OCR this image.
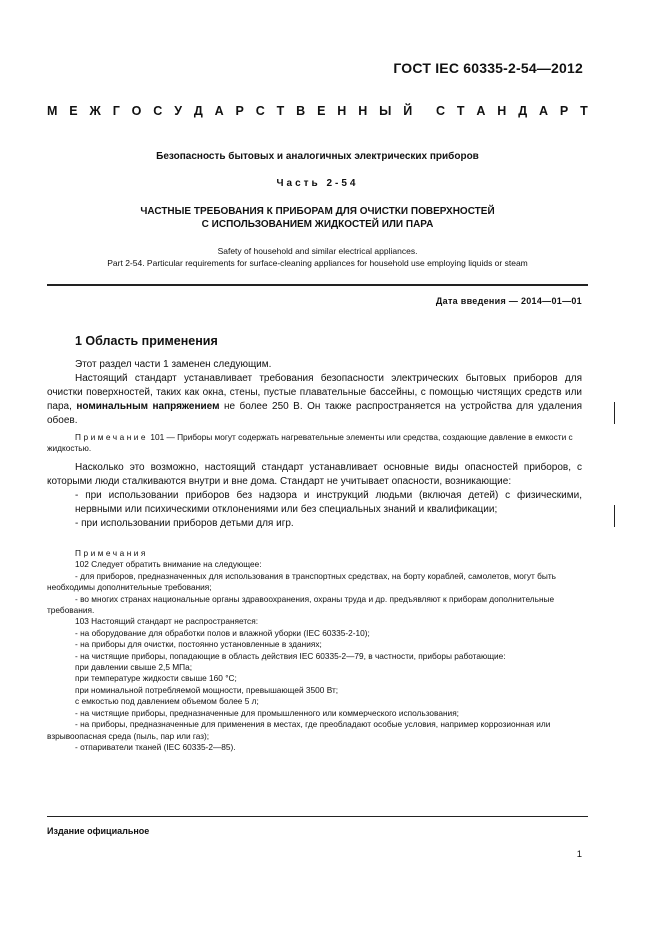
ГОСТ IEC 60335-2-54—2012
М Е Ж Г О С У Д А Р С Т В Е Н Н Ы Й С Т А Н Д А Р Т
Безопасность бытовых и аналогичных электрических приборов
Часть 2-54
ЧАСТНЫЕ ТРЕБОВАНИЯ К ПРИБОРАМ ДЛЯ ОЧИСТКИ ПОВЕРХНОСТЕЙ
С ИСПОЛЬЗОВАНИЕМ ЖИДКОСТЕЙ ИЛИ ПАРА
Safety of household and similar electrical appliances.
Part 2-54. Particular requirements for surface-cleaning appliances for household use employing liquids or steam
Дата введения — 2014—01—01
1 Область применения

Этот раздел части 1 заменен следующим.

Настоящий стандарт устанавливает требования безопасности электрических бытовых приборов для очистки поверхностей, таких как окна, стены, пустые плавательные бассейны, с помощью чистящих средств или пара, номинальным напряжением не более 250 В. Он также распространяется на устройства для удаления обоев.

Примечание 101 — Приборы могут содержать нагревательные элементы или средства, создающие давление в емкости с жидкостью.

Насколько это возможно, настоящий стандарт устанавливает основные виды опасностей приборов, с которыми люди сталкиваются внутри и вне дома. Стандарт не учитывает опасности, возникающие:

- при использовании приборов без надзора и инструкций людьми (включая детей) с физическими, нервными или психическими отклонениями или без специальных знаний и квалификации;
- при использовании приборов детьми для игр.

Примечания

102 Следует обратить внимание на следующее:

- для приборов, предназначенных для использования в транспортных средствах, на борту кораблей, самолетов, могут быть необходимы дополнительные требования;

- во многих странах национальные органы здравоохранения, охраны труда и др. предъявляют к приборам дополнительные требования.

103 Настоящий стандарт не распространяется:

- на оборудование для обработки полов и влажной уборки (IEC 60335-2-10);

- на приборы для очистки, постоянно установленные в зданиях;

- на чистящие приборы, попадающие в область действия IEC 60335-2—79, в частности, приборы работающие:

при давлении свыше 2,5 МПа;

при температуре жидкости свыше 160 °С;

при номинальной потребляемой мощности, превышающей 3500 Вт;

с емкостью под давлением объемом более 5 л;

- на чистящие приборы, предназначенные для промышленного или коммерческого использования;

- на приборы, предназначенные для применения в местах, где преобладают особые условия, например коррозионная или взрывоопасная среда (пыль, пар или газ);

- отпариватели тканей (IEC 60335-2—85).

Издание официальное
1
